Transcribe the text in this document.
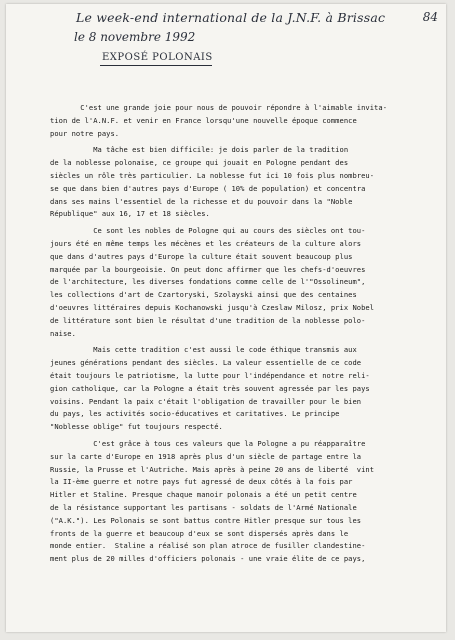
Le week-end international de la J.N.F. à Brissac
le 8 novembre 1992
84
EXPOSÉ POLONAIS
C'est une grande joie pour nous de pouvoir répondre à l'aimable invita-
tion de l'A.N.F. et venir en France lorsqu'une nouvelle époque commence
pour notre pays.
Ma tâche est bien difficile: je dois parler de la tradition
de la noblesse polonaise, ce groupe qui jouait en Pologne pendant des
siècles un rôle très particulier. La noblesse fut ici 10 fois plus nombreu-
se que dans bien d'autres pays d'Europe ( 10% de population) et concentra
dans ses mains l'essentiel de la richesse et du pouvoir dans la "Noble
République" aux 16, 17 et 18 siècles.
Ce sont les nobles de Pologne qui au cours des siècles ont tou-
jours été en même temps les mécènes et les créateurs de la culture alors
que dans d'autres pays d'Europe la culture était souvent beaucoup plus
marquée par la bourgeoisie. On peut donc affirmer que les chefs-d'oeuvres
de l'architecture, les diverses fondations comme celle de l'"Ossolineum",
les collections d'art de Czartoryski, Szolayski ainsi que des centaines
d'oeuvres littéraires depuis Kochanowski jusqu'à Czeslaw Milosz, prix Nobel
de littérature sont bien le résultat d'une tradition de la noblesse polo-
naise.
Mais cette tradition c'est aussi le code éthique transmis aux
jeunes générations pendant des siècles. La valeur essentielle de ce code
était toujours le patriotisme, la lutte pour l'indépendance et notre reli-
gion catholique, car la Pologne a était très souvent agressée par les pays
voisins. Pendant la paix c'était l'obligation de travailler pour le bien
du pays, les activités socio-éducatives et caritatives. Le principe
"Noblesse oblige" fut toujours respecté.
C'est grâce à tous ces valeurs que la Pologne a pu réapparaître
sur la carte d'Europe en 1918 après plus d'un siècle de partage entre la
Russie, la Prusse et l'Autriche. Mais après à peine 20 ans de liberté  vint
la II-ème guerre et notre pays fut agressé de deux côtés à la fois par
Hitler et Staline. Presque chaque manoir polonais a été un petit centre
de la résistance supportant les partisans - soldats de l'Armé Nationale
("A.K."). Les Polonais se sont battus contre Hitler presque sur tous les
fronts de la guerre et beaucoup d'eux se sont dispersés après dans le
monde entier.  Staline a réalisé son plan atroce de fusiller clandestine-
ment plus de 20 milles d'officiers polonais - une vraie élite de ce pays,
